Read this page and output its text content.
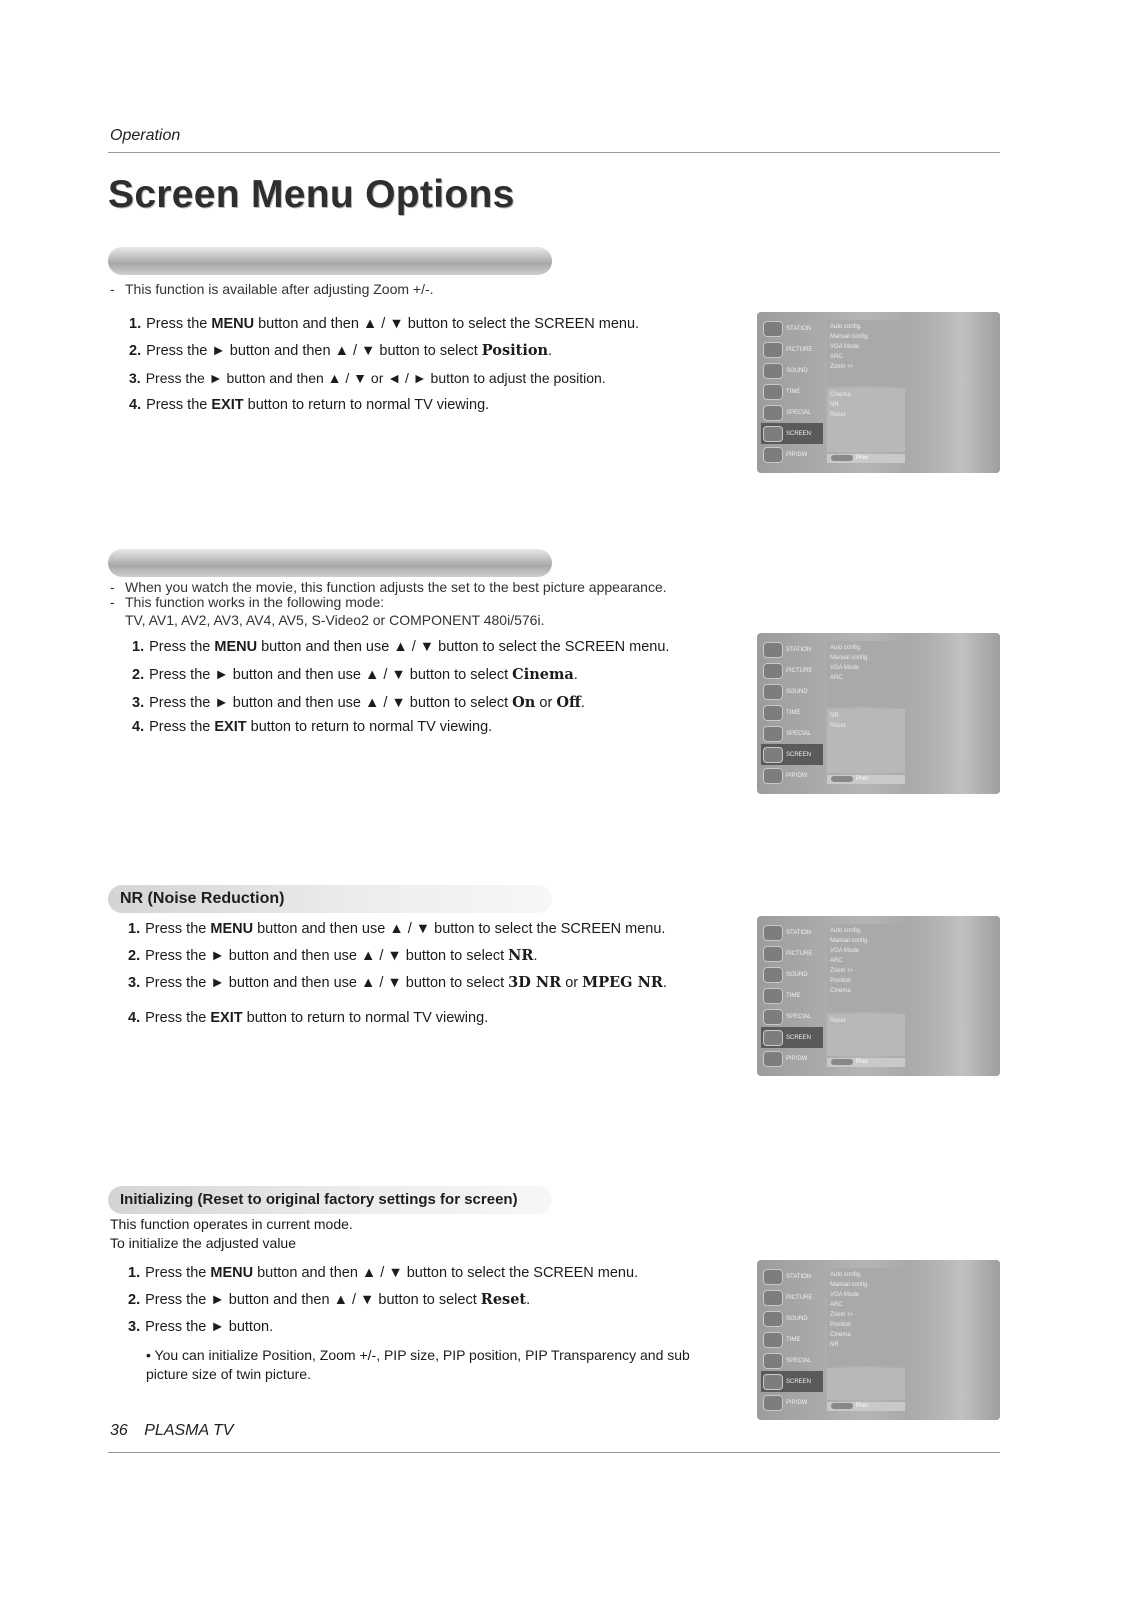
Operation
Screen Menu Options
- This function is available after adjusting Zoom +/-.
1. Press the MENU button and then ▲ / ▼ button to select the SCREEN menu.
2. Press the ► button and then ▲ / ▼ button to select Position.
3. Press the ► button and then ▲ / ▼ or ◄ / ► button to adjust the position.
4. Press the EXIT button to return to normal TV viewing.
STATION
PICTURE
SOUND
TIME
SPECIAL
SCREEN
PIP/DW
Auto config.
Manual config.
VGA Mode
ARC
Zoom +/-
Cinema
NR
Reset
Prev
- When you watch the movie, this function adjusts the set to the best picture appearance.
- This function works in the following mode:
TV, AV1, AV2, AV3, AV4, AV5, S-Video2 or COMPONENT 480i/576i.
1. Press the MENU button and then use ▲ / ▼ button to select the SCREEN menu.
2. Press the ► button and then use ▲ / ▼ button to select Cinema.
3. Press the ► button and then use ▲ / ▼ button to select On or Off.
4. Press the EXIT button to return to normal TV viewing.
STATION
PICTURE
SOUND
TIME
SPECIAL
SCREEN
PIP/DW
Auto config.
Manual config.
VGA Mode
ARC
NR
Reset
Prev
NR (Noise Reduction)
1. Press the MENU button and then use ▲ / ▼ button to select the SCREEN menu.
2. Press the ► button and then use ▲ / ▼ button to select NR.
3. Press the ► button and then use ▲ / ▼ button to select 3D NR or MPEG NR.
4. Press the EXIT button to return to normal TV viewing.
STATION
PICTURE
SOUND
TIME
SPECIAL
SCREEN
PIP/DW
Auto config.
Manual config.
VGA Mode
ARC
Zoom +/-
Position
Cinema
Reset
Prev
Initializing (Reset to original factory settings for screen)
This function operates in current mode.
To initialize the adjusted value
1. Press the MENU button and then ▲ / ▼ button to select the SCREEN menu.
2. Press the ► button and then ▲ / ▼ button to select Reset.
3. Press the ► button.
• You can initialize Position, Zoom +/-, PIP size, PIP position, PIP Transparency and sub picture size of twin picture.
STATION
PICTURE
SOUND
TIME
SPECIAL
SCREEN
PIP/DW
Auto config.
Manual config.
VGA Mode
ARC
Zoom +/-
Position
Cinema
NR
Prev
36 PLASMA TV
